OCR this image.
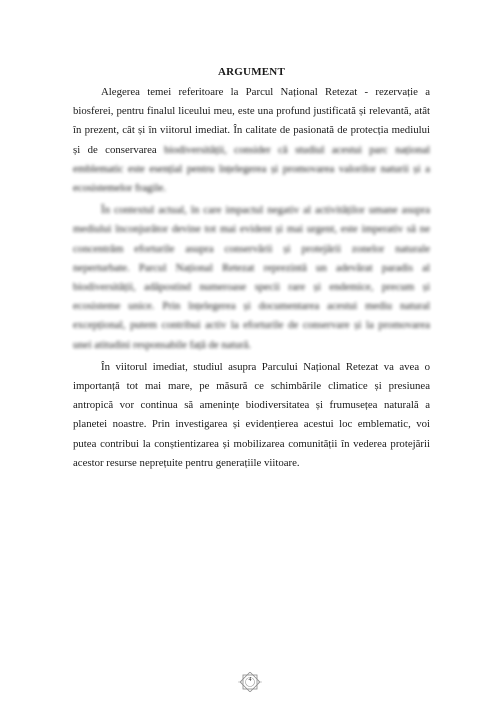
ARGUMENT

Alegerea temei referitoare la Parcul Național Retezat - rezervație a biosferei, pentru finalul liceului meu, este una profund justificată și relevantă, atât în prezent, cât și în viitorul imediat. În calitate de pasionată de protecția mediului și de conservarea biodiversității, consider că studiul acestui parc național emblematic este esențial pentru înțelegerea și promovarea valorilor naturii și a ecosistemelor fragile.

În contextul actual, în care impactul negativ al activităților umane asupra mediului înconjurător devine tot mai evident și mai urgent, este imperativ să ne concentrăm eforturile asupra conservării și protejării zonelor naturale neperturbate. Parcul Național Retezat reprezintă un adevărat paradis al biodiversității, adăpostind numeroase specii rare și endemice, precum și ecosisteme unice. Prin înțelegerea și documentarea acestui mediu natural excepțional, putem contribui activ la eforturile de conservare și la promovarea unei atitudini responsabile față de natură.

În viitorul imediat, studiul asupra Parcului Național Retezat va avea o importanță tot mai mare, pe măsură ce schimbările climatice și presiunea antropică vor continua să amenințe biodiversitatea și frumusețea naturală a planetei noastre. Prin investigarea și evidențierea acestui loc emblematic, voi putea contribui la conștientizarea și mobilizarea comunității în vederea protejării acestor resurse neprețuite pentru generațiile viitoare.

4
